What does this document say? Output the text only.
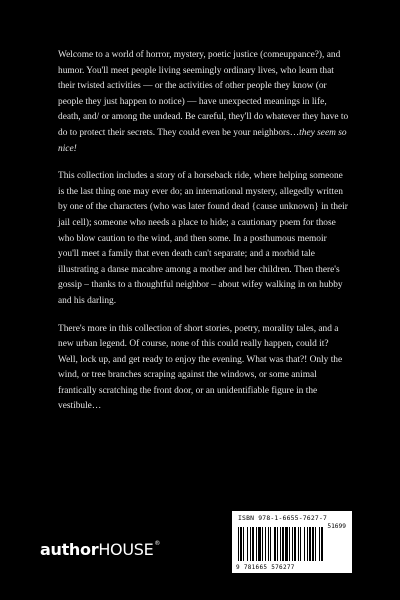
Welcome to a world of horror, mystery, poetic justice (comeuppance?), and humor. You'll meet people living seemingly ordinary lives, who learn that their twisted activities — or the activities of other people they know (or people they just happen to notice) — have unexpected meanings in life, death, and/ or among the undead. Be careful, they'll do whatever they have to do to protect their secrets. They could even be your neighbors…they seem so nice!

This collection includes a story of a horseback ride, where helping someone is the last thing one may ever do; an international mystery, allegedly written by one of the characters (who was later found dead {cause unknown} in their jail cell); someone who needs a place to hide; a cautionary poem for those who blow caution to the wind, and then some. In a posthumous memoir you'll meet a family that even death can't separate; and a morbid tale illustrating a danse macabre among a mother and her children. Then there's gossip – thanks to a thoughtful neighbor – about wifey walking in on hubby and his darling.

There's more in this collection of short stories, poetry, morality tales, and a new urban legend. Of course, none of this could really happen, could it? Well, lock up, and get ready to enjoy the evening. What was that?! Only the wind, or tree branches scraping against the windows, or some animal frantically scratching the front door, or an unidentifiable figure in the vestibule…

ISBN 978-1-6655-7627-7
51699
9 781665 576277
authorHOUSE®
